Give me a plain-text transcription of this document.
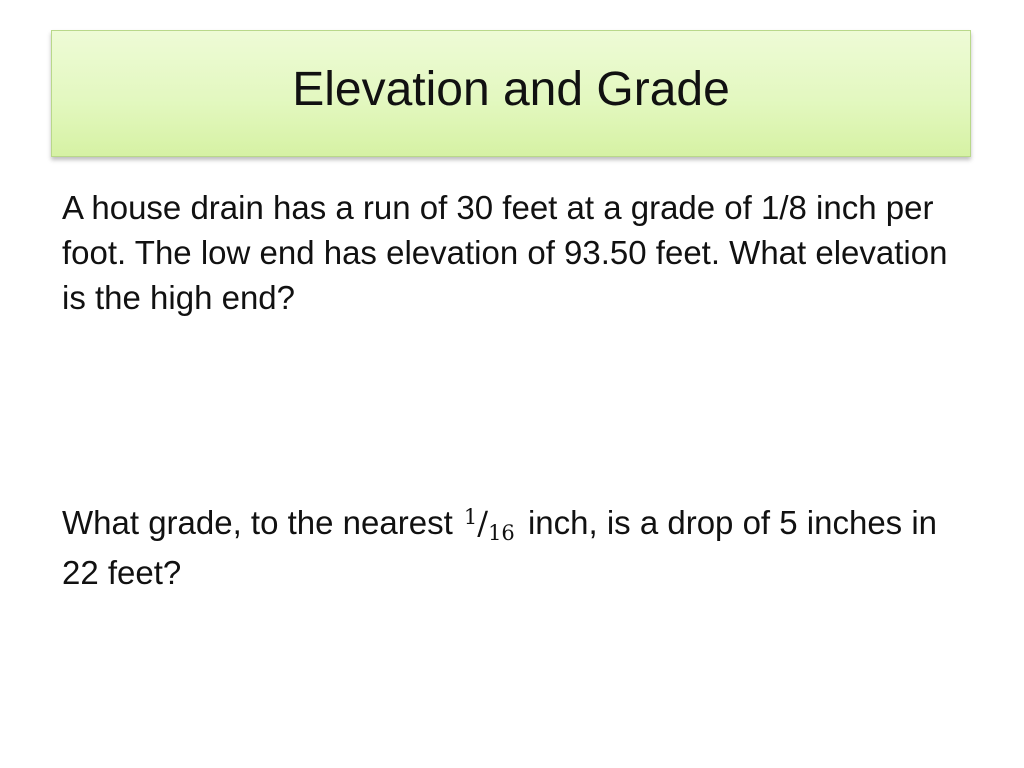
Elevation and Grade
A house drain has a run of 30 feet at a grade of 1/8 inch per foot. The low end has elevation of 93.50 feet. What elevation is the high end?
What grade, to the nearest $^1/_{16}$ inch, is a drop of 5 inches in 22 feet?
